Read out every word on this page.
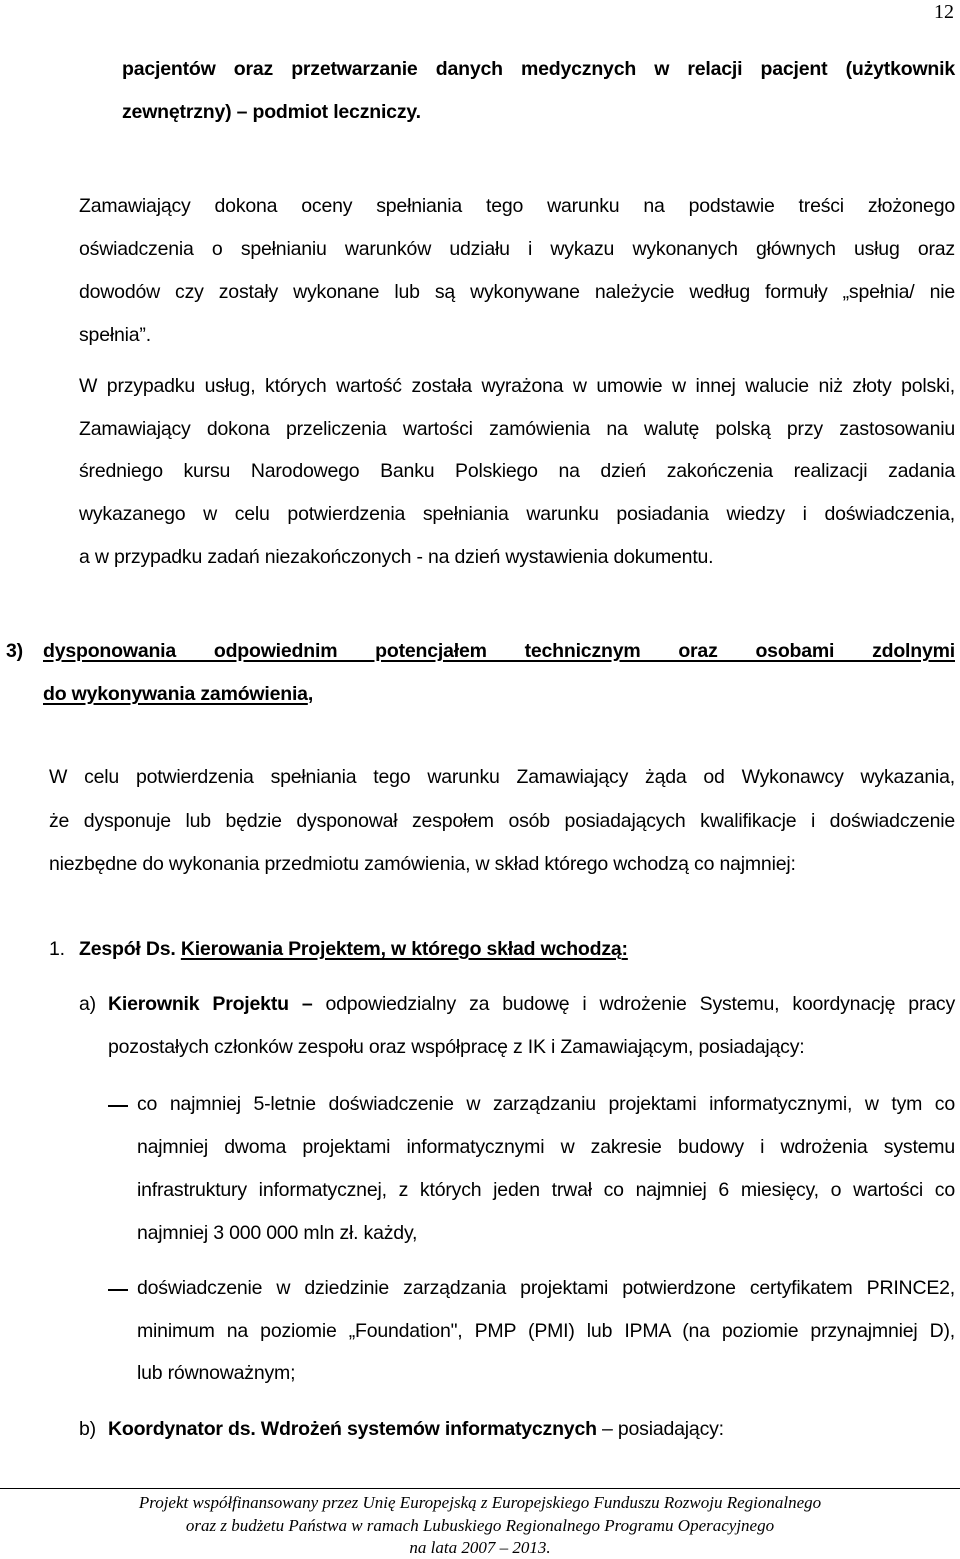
12
pacjentów oraz przetwarzanie danych medycznych w relacji pacjent (użytkownik
zewnętrzny) – podmiot leczniczy.
Zamawiający dokona oceny spełniania tego warunku na podstawie treści złożonego
oświadczenia o spełnianiu warunków udziału i wykazu wykonanych głównych usług oraz
dowodów czy zostały wykonane lub są wykonywane należycie według formuły „spełnia/ nie
spełnia”.
W przypadku usług, których wartość została wyrażona w umowie w innej walucie niż złoty polski,
Zamawiający dokona przeliczenia wartości zamówienia na walutę polską przy zastosowaniu
średniego kursu Narodowego Banku Polskiego na dzień zakończenia realizacji zadania
wykazanego w celu potwierdzenia spełniania warunku posiadania wiedzy i doświadczenia,
a w przypadku zadań niezakończonych - na dzień wystawienia dokumentu.
3) dysponowania odpowiednim potencjałem technicznym oraz osobami zdolnymi
do wykonywania zamówienia,
W celu potwierdzenia spełniania tego warunku Zamawiający żąda od Wykonawcy wykazania,
że dysponuje lub będzie dysponował zespołem osób posiadających kwalifikacje i doświadczenie
niezbędne do wykonania przedmiotu zamówienia, w skład którego wchodzą co najmniej:
1. Zespół Ds. Kierowania Projektem, w którego skład wchodzą:
a) Kierownik Projektu – odpowiedzialny za budowę i wdrożenie Systemu, koordynację pracy
pozostałych członków zespołu oraz współpracę z IK i Zamawiającym, posiadający:
co najmniej 5-letnie doświadczenie w zarządzaniu projektami informatycznymi, w tym co
najmniej dwoma projektami informatycznymi w zakresie budowy i wdrożenia systemu
infrastruktury informatycznej, z których jeden trwał co najmniej 6 miesięcy, o wartości co
najmniej 3 000 000 mln zł. każdy,
doświadczenie w dziedzinie zarządzania projektami potwierdzone certyfikatem PRINCE2,
minimum na poziomie „Foundation", PMP (PMI) lub IPMA (na poziomie przynajmniej D),
lub równoważnym;
b) Koordynator ds. Wdrożeń systemów informatycznych – posiadający:
Projekt współfinansowany przez Unię Europejską z Europejskiego Funduszu Rozwoju Regionalnego
oraz z budżetu Państwa w ramach Lubuskiego Regionalnego Programu Operacyjnego
na lata 2007 – 2013.
